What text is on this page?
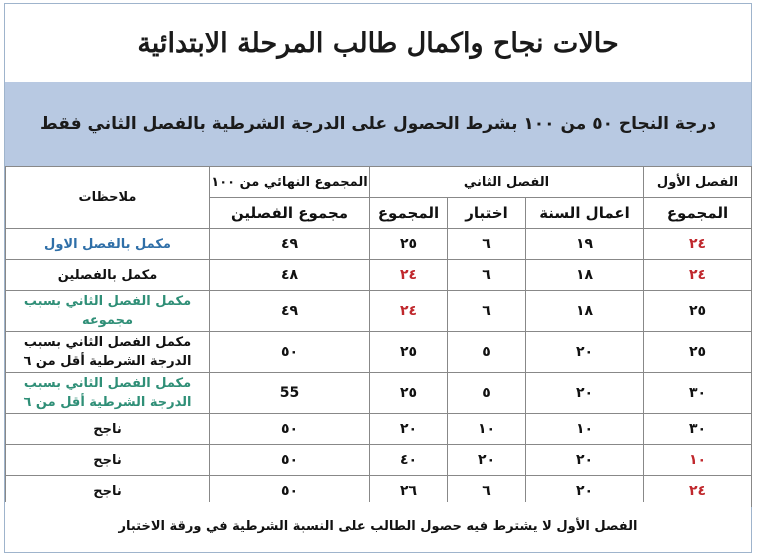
حالات نجاح واكمال طالب المرحلة الابتدائية
درجة النجاح ٥٠ من ١٠٠ بشرط الحصول على الدرجة الشرطية بالفصل الثاني فقط
الفصل الأول	الفصل الثاني			المجموع النهائي من ١٠٠	ملاحظات
المجموع	اعمال السنة	اختبار	المجموع	مجموع الفصلين	
٢٤	١٩	٦	٢٥	٤٩	مكمل بالفصل الاول
٢٤	١٨	٦	٢٤	٤٨	مكمل بالفصلين
٢٥	١٨	٦	٢٤	٤٩	مكمل الفصل الثاني بسبب مجموعه
٢٥	٢٠	٥	٢٥	٥٠	مكمل الفصل الثاني بسبب الدرجة الشرطية أقل من ٦
٣٠	٢٠	٥	٢٥	55	مكمل الفصل الثاني بسبب الدرجة الشرطية أقل من ٦
٣٠	١٠	١٠	٢٠	٥٠	ناجح
١٠	٢٠	٢٠	٤٠	٥٠	ناجح
٢٤	٢٠	٦	٢٦	٥٠	ناجح
الفصل الأول لا يشترط فيه حصول الطالب على النسبة الشرطية في ورقة الاختبار
